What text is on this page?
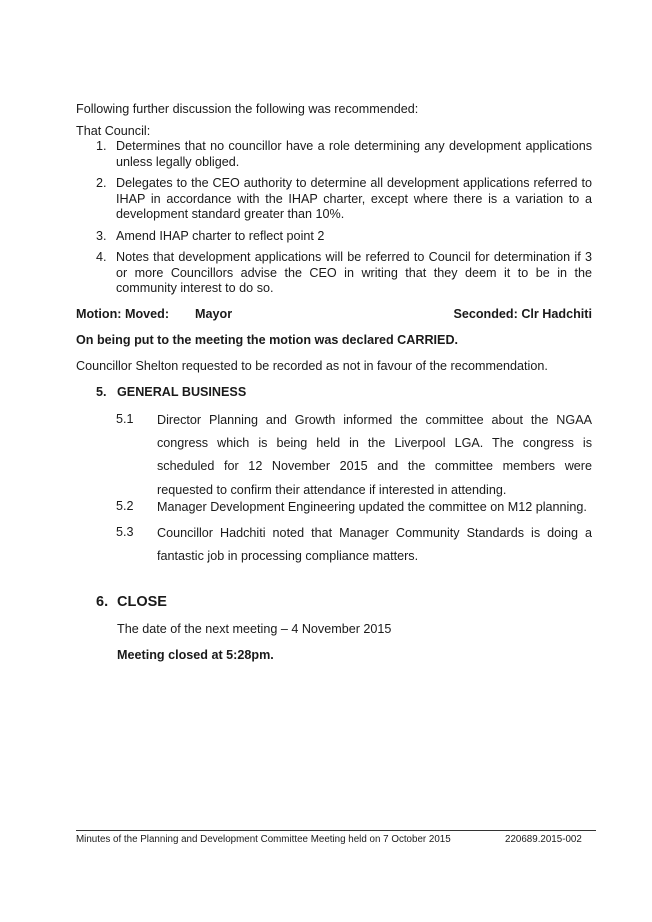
Following further discussion the following was recommended:
That Council:
1. Determines that no councillor have a role determining any development applications unless legally obliged.
2. Delegates to the CEO authority to determine all development applications referred to IHAP in accordance with the IHAP charter, except where there is a variation to a development standard greater than 10%.
3. Amend IHAP charter to reflect point 2
4. Notes that development applications will be referred to Council for determination if 3 or more Councillors advise the CEO in writing that they deem it to be in the community interest to do so.
Motion: Moved: Mayor	Seconded: Clr Hadchiti
On being put to the meeting the motion was declared CARRIED.
Councillor Shelton requested to be recorded as not in favour of the recommendation.
5. GENERAL BUSINESS
5.1 Director Planning and Growth informed the committee about the NGAA congress which is being held in the Liverpool LGA. The congress is scheduled for 12 November 2015 and the committee members were requested to confirm their attendance if interested in attending.
5.2 Manager Development Engineering updated the committee on M12 planning.
5.3 Councillor Hadchiti noted that Manager Community Standards is doing a fantastic job in processing compliance matters.
6. CLOSE
The date of the next meeting – 4 November 2015
Meeting closed at 5:28pm.
Minutes of the Planning and Development Committee Meeting held on 7 October 2015	220689.2015-002
